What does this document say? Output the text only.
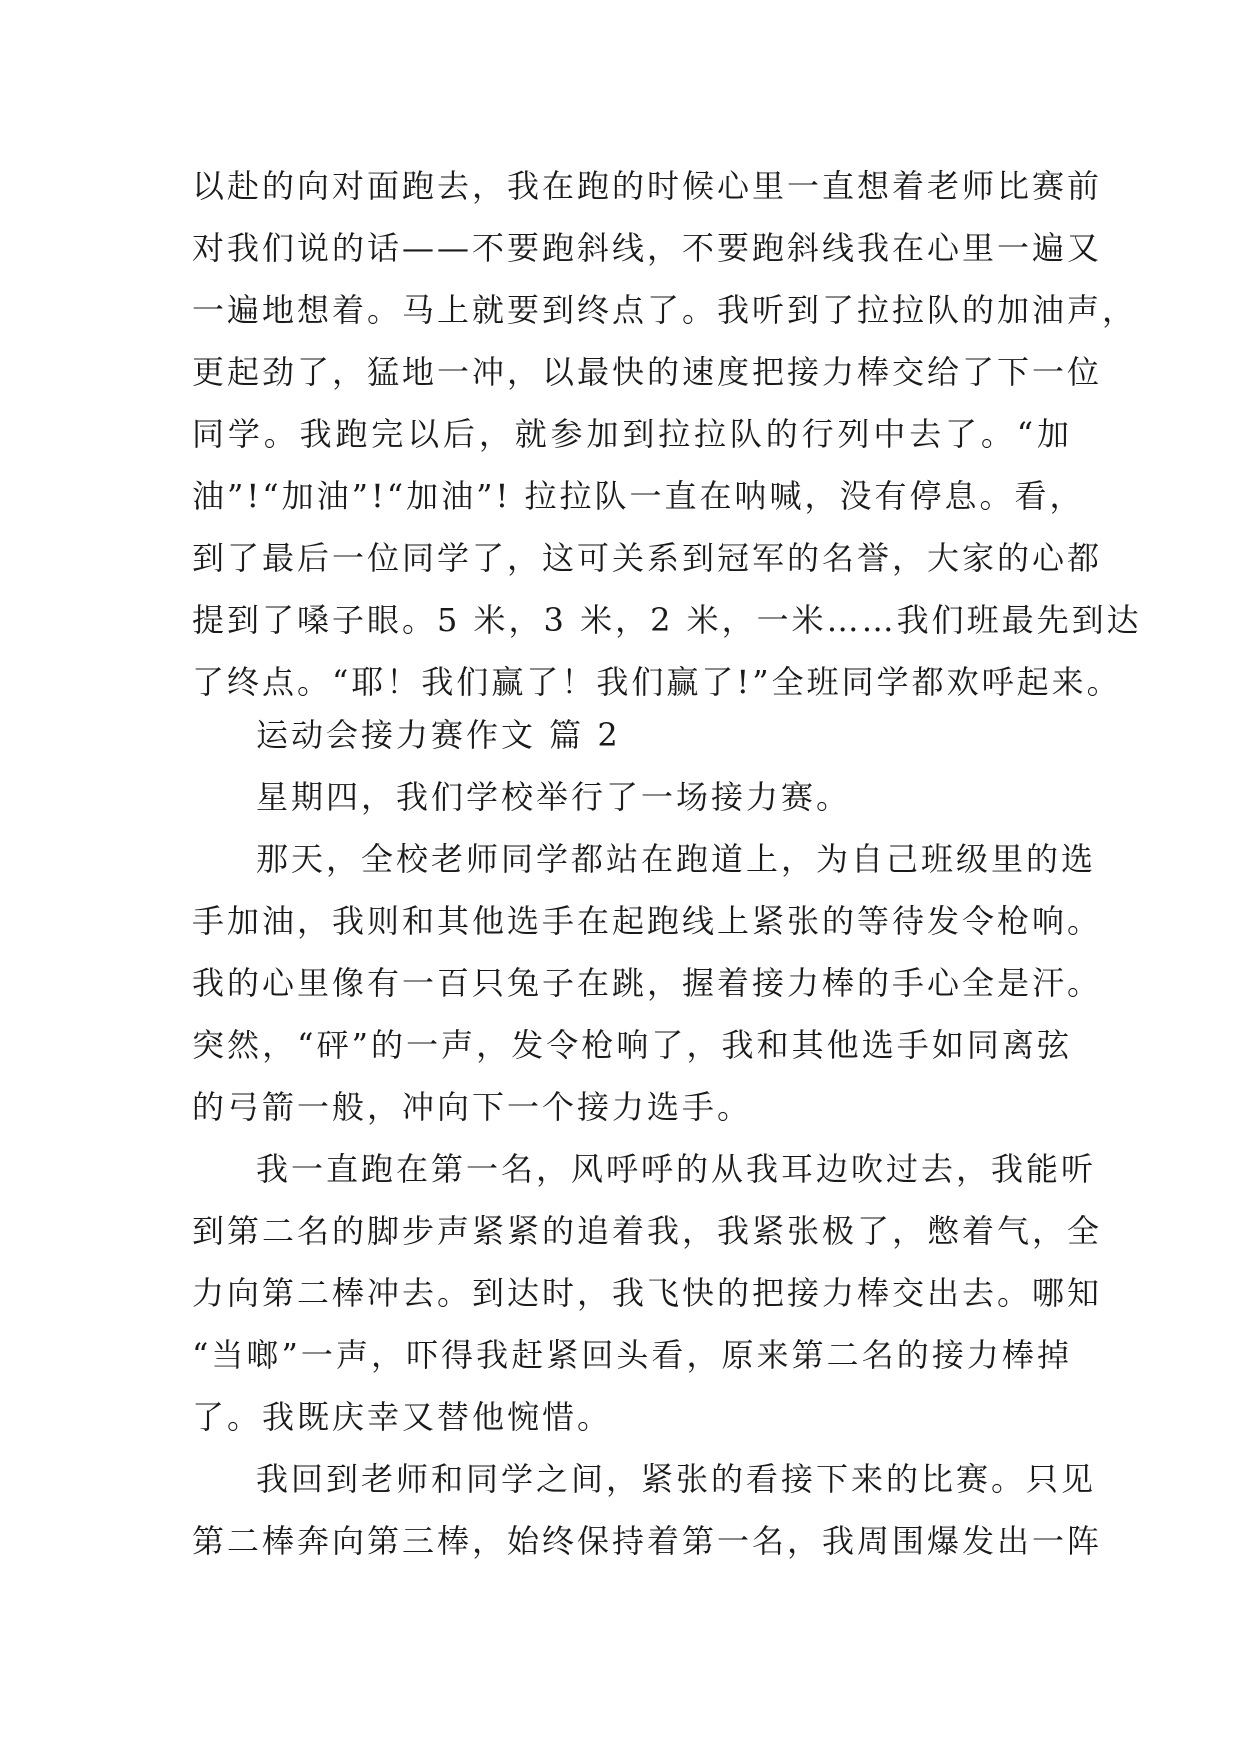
以赴的向对面跑去，我在跑的时候心里一直想着老师比赛前
对我们说的话——不要跑斜线，不要跑斜线我在心里一遍又
一遍地想着。马上就要到终点了。我听到了拉拉队的加油声，
更起劲了，猛地一冲，以最快的速度把接力棒交给了下一位
同学。我跑完以后，就参加到拉拉队的行列中去了。“加
油”!“加油”!“加油”! 拉拉队一直在呐喊，没有停息。看，
到了最后一位同学了，这可关系到冠军的名誉，大家的心都
提到了嗓子眼。5 米，3 米，2 米，一米……我们班最先到达
了终点。“耶！我们赢了！我们赢了!”全班同学都欢呼起来。
运动会接力赛作文 篇 2
星期四，我们学校举行了一场接力赛。
那天，全校老师同学都站在跑道上，为自己班级里的选
手加油，我则和其他选手在起跑线上紧张的等待发令枪响。
我的心里像有一百只兔子在跳，握着接力棒的手心全是汗。
突然，“砰”的一声，发令枪响了，我和其他选手如同离弦
的弓箭一般，冲向下一个接力选手。
我一直跑在第一名，风呼呼的从我耳边吹过去，我能听
到第二名的脚步声紧紧的追着我，我紧张极了，憋着气，全
力向第二棒冲去。到达时，我飞快的把接力棒交出去。哪知
“当啷”一声，吓得我赶紧回头看，原来第二名的接力棒掉
了。我既庆幸又替他惋惜。
我回到老师和同学之间，紧张的看接下来的比赛。只见
第二棒奔向第三棒，始终保持着第一名，我周围爆发出一阵
